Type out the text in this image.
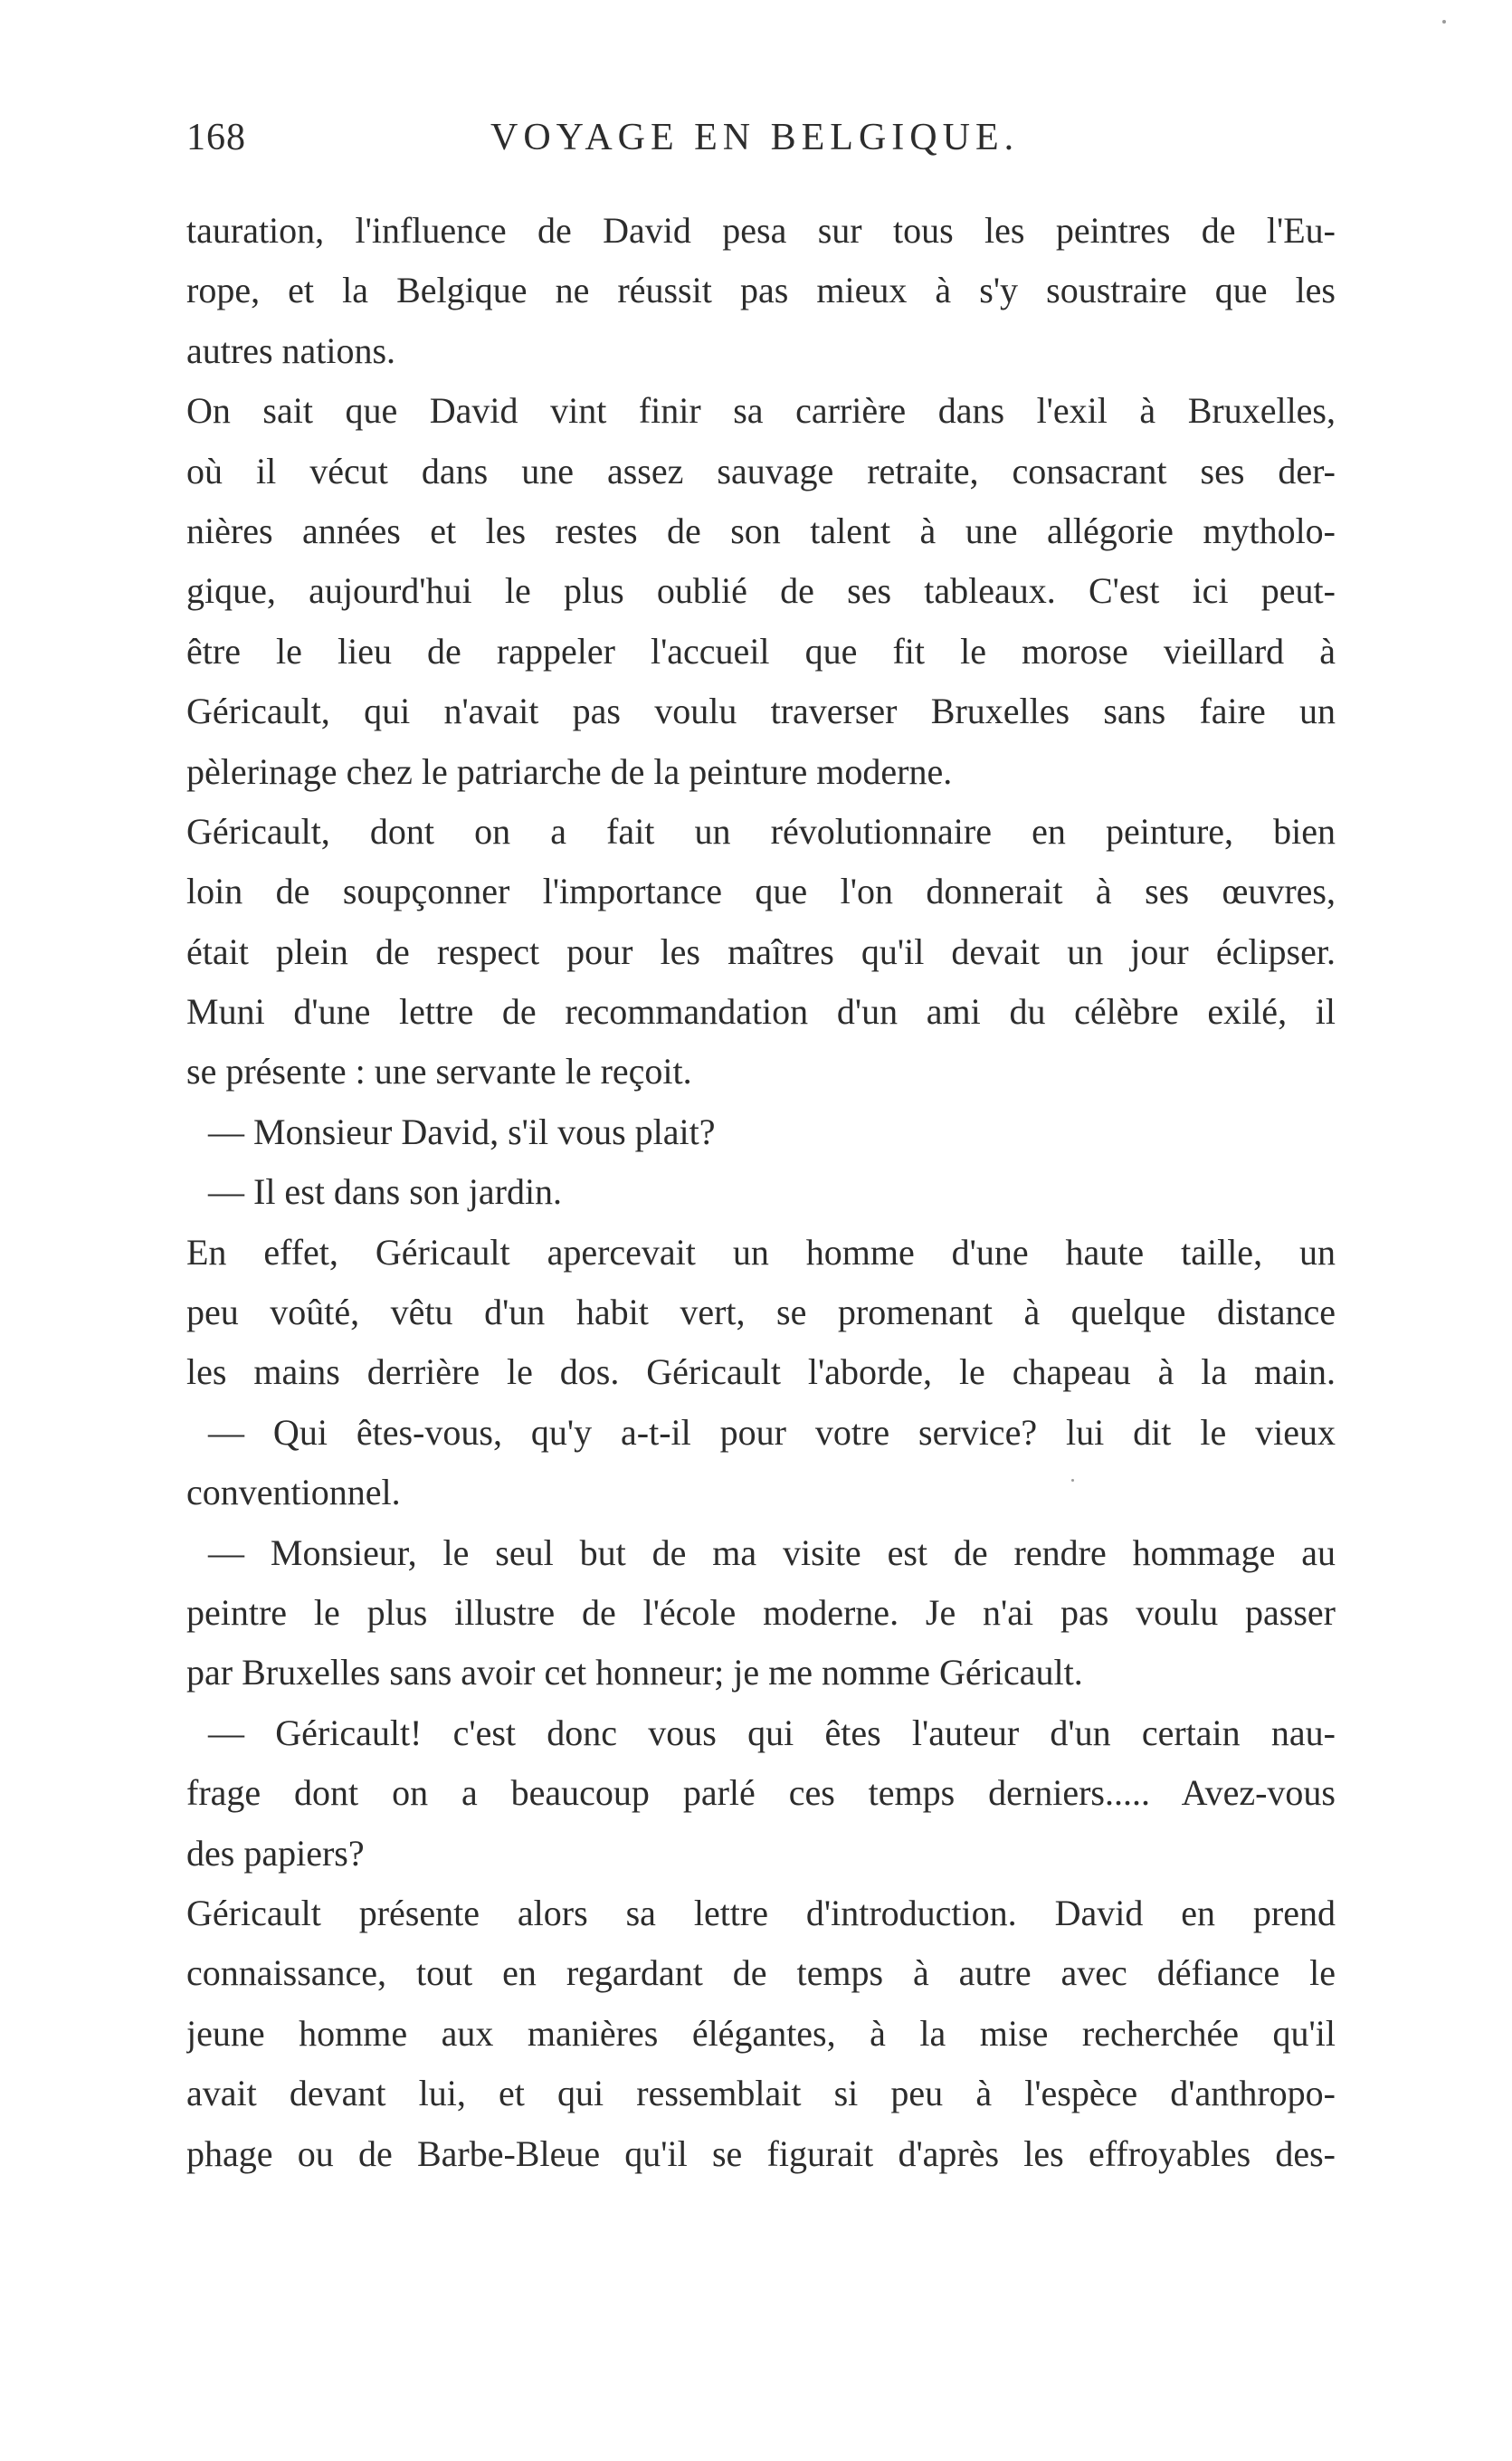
168	VOYAGE EN BELGIQUE.
tauration, l'influence de David pesa sur tous les peintres de l'Eu-
rope, et la Belgique ne réussit pas mieux à s'y soustraire que les
autres nations.
On sait que David vint finir sa carrière dans l'exil à Bruxelles,
où il vécut dans une assez sauvage retraite, consacrant ses der-
nières années et les restes de son talent à une allégorie mytholo-
gique, aujourd'hui le plus oublié de ses tableaux. C'est ici peut-
être le lieu de rappeler l'accueil que fit le morose vieillard à
Géricault, qui n'avait pas voulu traverser Bruxelles sans faire un
pèlerinage chez le patriarche de la peinture moderne.
Géricault, dont on a fait un révolutionnaire en peinture, bien
loin de soupçonner l'importance que l'on donnerait à ses œuvres,
était plein de respect pour les maîtres qu'il devait un jour éclipser.
Muni d'une lettre de recommandation d'un ami du célèbre exilé, il
se présente : une servante le reçoit.
— Monsieur David, s'il vous plait?
— Il est dans son jardin.
En effet, Géricault apercevait un homme d'une haute taille, un
peu voûté, vêtu d'un habit vert, se promenant à quelque distance
les mains derrière le dos. Géricault l'aborde, le chapeau à la main.
— Qui êtes-vous, qu'y a-t-il pour votre service? lui dit le vieux
conventionnel.
— Monsieur, le seul but de ma visite est de rendre hommage au
peintre le plus illustre de l'école moderne. Je n'ai pas voulu passer
par Bruxelles sans avoir cet honneur; je me nomme Géricault.
— Géricault! c'est donc vous qui êtes l'auteur d'un certain nau-
frage dont on a beaucoup parlé ces temps derniers..... Avez-vous
des papiers?
Géricault présente alors sa lettre d'introduction. David en prend
connaissance, tout en regardant de temps à autre avec défiance le
jeune homme aux manières élégantes, à la mise recherchée qu'il
avait devant lui, et qui ressemblait si peu à l'espèce d'anthropo-
phage ou de Barbe-Bleue qu'il se figurait d'après les effroyables des-
